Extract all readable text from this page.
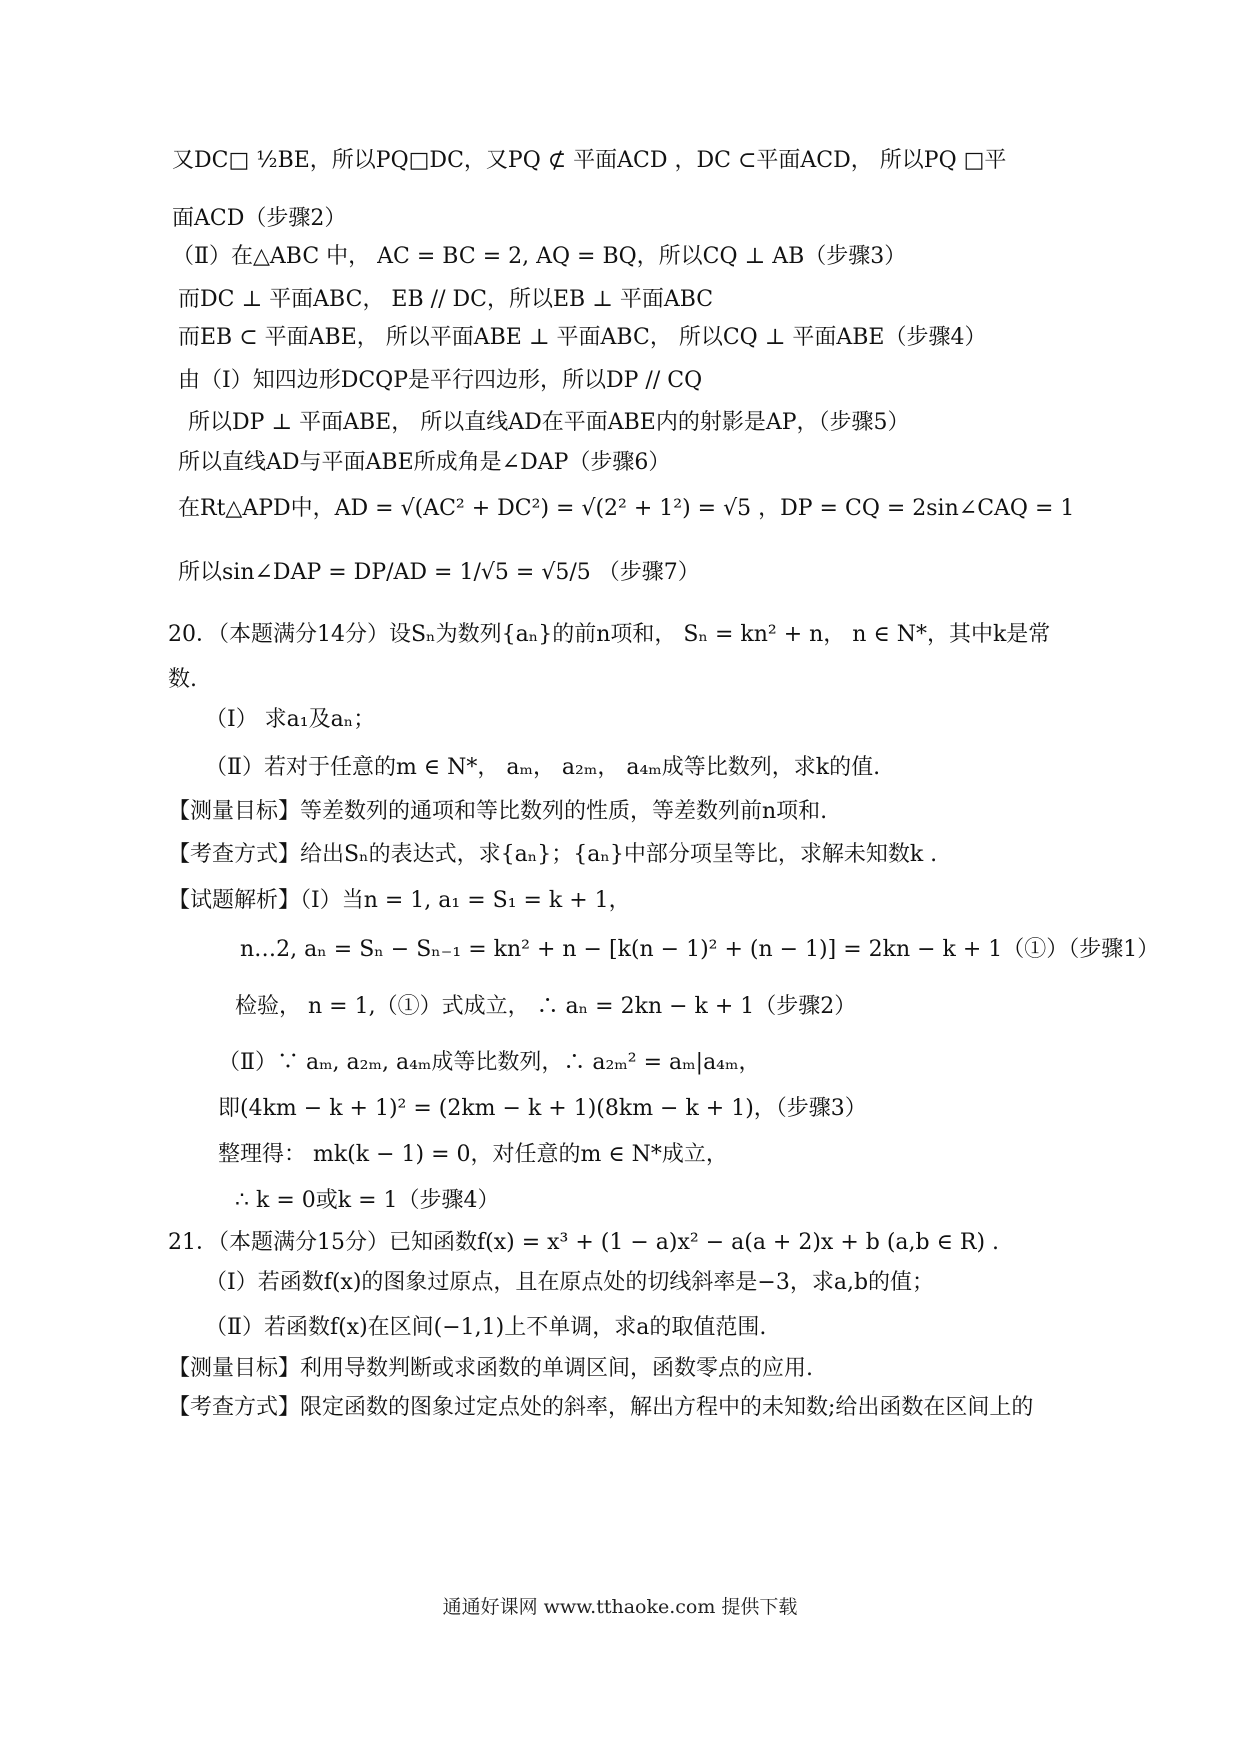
又DC□ ½BE，所以PQ□DC，又PQ ⊄ 平面ACD ，DC ⊂平面ACD， 所以PQ □平
面ACD（步骤2）
（Ⅱ）在△ABC 中， AC = BC = 2, AQ = BQ，所以CQ ⊥ AB（步骤3）
而DC ⊥ 平面ABC， EB // DC，所以EB ⊥ 平面ABC
而EB ⊂ 平面ABE， 所以平面ABE ⊥ 平面ABC， 所以CQ ⊥ 平面ABE（步骤4）
由（Ⅰ）知四边形DCQP是平行四边形，所以DP // CQ
所以DP ⊥ 平面ABE， 所以直线AD在平面ABE内的射影是AP，（步骤5）
所以直线AD与平面ABE所成角是∠DAP（步骤6）
在Rt△APD中，AD = √(AC² + DC²) = √(2² + 1²) = √5 ，DP = CQ = 2sin∠CAQ = 1
所以sin∠DAP = DP/AD = 1/√5 = √5/5 （步骤7）
20．（本题满分14分）设Sₙ为数列{aₙ}的前n项和， Sₙ = kn² + n， n ∈ N*，其中k是常
数.
（Ⅰ） 求a₁及aₙ；
（Ⅱ）若对于任意的m ∈ N*， aₘ， a₂ₘ， a₄ₘ成等比数列，求k的值.
【测量目标】等差数列的通项和等比数列的性质，等差数列前n项和.
【考查方式】给出Sₙ的表达式，求{aₙ}；{aₙ}中部分项呈等比，求解未知数k .
【试题解析】（Ⅰ）当n = 1, a₁ = S₁ = k + 1，
n…2, aₙ = Sₙ − Sₙ₋₁ = kn² + n − [k(n − 1)² + (n − 1)] = 2kn − k + 1（①）（步骤1）
检验， n = 1,（①）式成立， ∴ aₙ = 2kn − k + 1（步骤2）
（Ⅱ）∵ aₘ, a₂ₘ, a₄ₘ成等比数列，∴ a₂ₘ² = aₘ|a₄ₘ，
即(4km − k + 1)² = (2km − k + 1)(8km − k + 1)，（步骤3）
整理得： mk(k − 1) = 0，对任意的m ∈ N*成立，
∴ k = 0或k = 1（步骤4）
21．（本题满分15分）已知函数f(x) = x³ + (1 − a)x² − a(a + 2)x + b (a,b ∈ R) .
（Ⅰ）若函数f(x)的图象过原点，且在原点处的切线斜率是−3，求a,b的值；
（Ⅱ）若函数f(x)在区间(−1,1)上不单调，求a的取值范围.
【测量目标】利用导数判断或求函数的单调区间，函数零点的应用.
【考查方式】限定函数的图象过定点处的斜率，解出方程中的未知数;给出函数在区间上的
通通好课网 www.tthaoke.com 提供下载
